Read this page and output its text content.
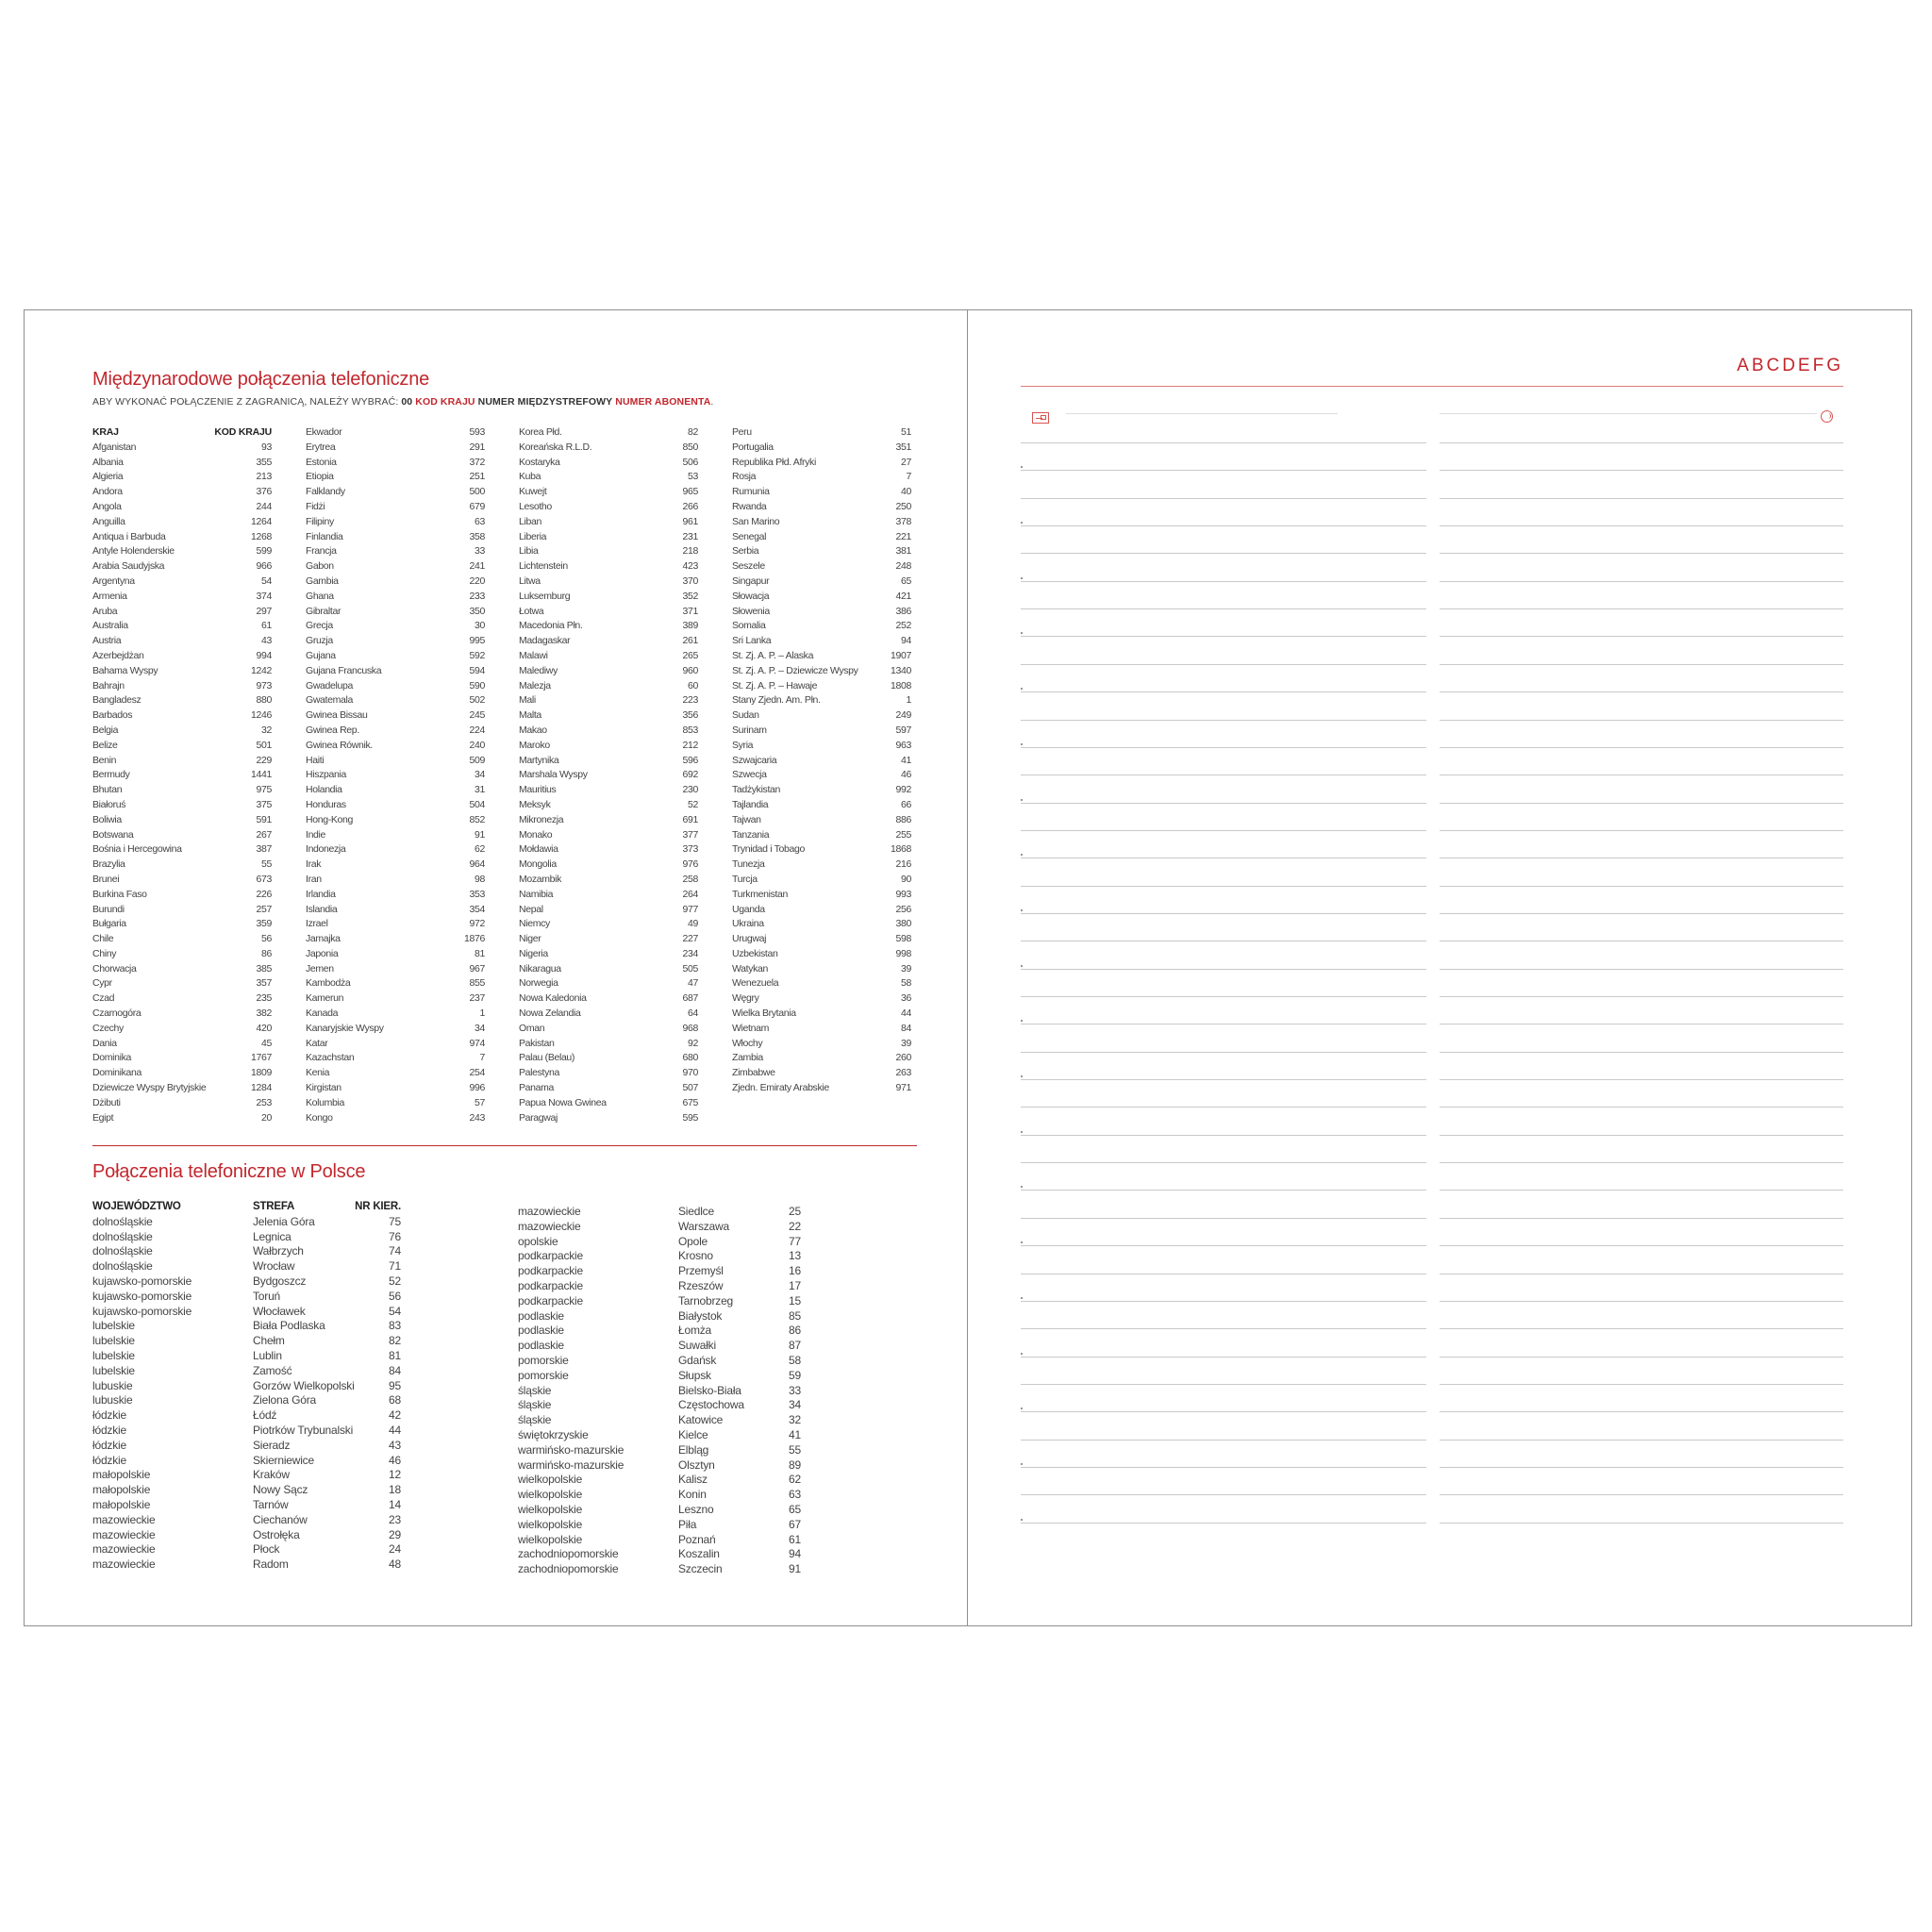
Międzynarodowe połączenia telefoniczne

ABY WYKONAĆ POŁĄCZENIE Z ZAGRANICĄ, NALEŻY WYBRAĆ: 00 KOD KRAJU NUMER MIĘDZYSTREFOWY NUMER ABONENTA.

KRAJ	KOD KRAJU
Afganistan	93
Albania	355
Algieria	213
Andora	376
Angola	244
Anguilla	1264
Antiqua i Barbuda	1268
Antyle Holenderskie	599
Arabia Saudyjska	966
Argentyna	54
Armenia	374
Aruba	297
Australia	61
Austria	43
Azerbejdżan	994
Bahama Wyspy	1242
Bahrajn	973
Bangladesz	880
Barbados	1246
Belgia	32
Belize	501
Benin	229
Bermudy	1441
Bhutan	975
Białoruś	375
Boliwia	591
Botswana	267
Bośnia i Hercegowina	387
Brazylia	55
Brunei	673
Burkina Faso	226
Burundi	257
Bułgaria	359
Chile	56
Chiny	86
Chorwacja	385
Cypr	357
Czad	235
Czarnogóra	382
Czechy	420
Dania	45
Dominika	1767
Dominikana	1809
Dziewicze Wyspy Brytyjskie	1284
Dżibuti	253
Egipt	20
Ekwador	593
Erytrea	291
Estonia	372
Etiopia	251
Falklandy	500
Fidżi	679
Filipiny	63
Finlandia	358
Francja	33
Gabon	241
Gambia	220
Ghana	233
Gibraltar	350
Grecja	30
Gruzja	995
Gujana	592
Gujana Francuska	594
Gwadelupa	590
Gwatemala	502
Gwinea Bissau	245
Gwinea Rep.	224
Gwinea Równik.	240
Haiti	509
Hiszpania	34
Holandia	31
Honduras	504
Hong-Kong	852
Indie	91
Indonezja	62
Irak	964
Iran	98
Irlandia	353
Islandia	354
Izrael	972
Jamajka	1876
Japonia	81
Jemen	967
Kambodża	855
Kamerun	237
Kanada	1
Kanaryjskie Wyspy	34
Katar	974
Kazachstan	7
Kenia	254
Kirgistan	996
Kolumbia	57
Kongo	243
Korea Płd.	82
Koreańska R.L.D.	850
Kostaryka	506
Kuba	53
Kuwejt	965
Lesotho	266
Liban	961
Liberia	231
Libia	218
Lichtenstein	423
Litwa	370
Luksemburg	352
Łotwa	371
Macedonia Płn.	389
Madagaskar	261
Malawi	265
Malediwy	960
Malezja	60
Mali	223
Malta	356
Makao	853
Maroko	212
Martynika	596
Marshala Wyspy	692
Mauritius	230
Meksyk	52
Mikronezja	691
Monako	377
Mołdawia	373
Mongolia	976
Mozambik	258
Namibia	264
Nepal	977
Niemcy	49
Niger	227
Nigeria	234
Nikaragua	505
Norwegia	47
Nowa Kaledonia	687
Nowa Zelandia	64
Oman	968
Pakistan	92
Palau (Belau)	680
Palestyna	970
Panama	507
Papua Nowa Gwinea	675
Paragwaj	595
Peru	51
Portugalia	351
Republika Płd. Afryki	27
Rosja	7
Rumunia	40
Rwanda	250
San Marino	378
Senegal	221
Serbia	381
Seszele	248
Singapur	65
Słowacja	421
Słowenia	386
Somalia	252
Sri Lanka	94
St. Zj. A. P. – Alaska	1907
St. Zj. A. P. – Dziewicze Wyspy	1340
St. Zj. A. P. – Hawaje	1808
Stany Zjedn. Am. Płn.	1
Sudan	249
Surinam	597
Syria	963
Szwajcaria	41
Szwecja	46
Tadżykistan	992
Tajlandia	66
Tajwan	886
Tanzania	255
Trynidad i Tobago	1868
Tunezja	216
Turcja	90
Turkmenistan	993
Uganda	256
Ukraina	380
Urugwaj	598
Uzbekistan	998
Watykan	39
Wenezuela	58
Węgry	36
Wielka Brytania	44
Wietnam	84
Włochy	39
Zambia	260
Zimbabwe	263
Zjedn. Emiraty Arabskie	971
Połączenia telefoniczne w Polsce
WOJEWÓDZTWO	STREFA	NR KIER.
dolnośląskie	Jelenia Góra	75
dolnośląskie	Legnica	76
dolnośląskie	Wałbrzych	74
dolnośląskie	Wrocław	71
kujawsko-pomorskie	Bydgoszcz	52
kujawsko-pomorskie	Toruń	56
kujawsko-pomorskie	Włocławek	54
lubelskie	Biała Podlaska	83
lubelskie	Chełm	82
lubelskie	Lublin	81
lubelskie	Zamość	84
lubuskie	Gorzów Wielkopolski	95
lubuskie	Zielona Góra	68
łódzkie	Łódź	42
łódzkie	Piotrków Trybunalski	44
łódzkie	Sieradz	43
łódzkie	Skierniewice	46
małopolskie	Kraków	12
małopolskie	Nowy Sącz	18
małopolskie	Tarnów	14
mazowieckie	Ciechanów	23
mazowieckie	Ostrołęka	29
mazowieckie	Płock	24
mazowieckie	Radom	48
mazowieckie	Siedlce	25
mazowieckie	Warszawa	22
opolskie	Opole	77
podkarpackie	Krosno	13
podkarpackie	Przemyśl	16
podkarpackie	Rzeszów	17
podkarpackie	Tarnobrzeg	15
podlaskie	Białystok	85
podlaskie	Łomża	86
podlaskie	Suwałki	87
pomorskie	Gdańsk	58
pomorskie	Słupsk	59
śląskie	Bielsko-Biała	33
śląskie	Częstochowa	34
śląskie	Katowice	32
świętokrzyskie	Kielce	41
warmińsko-mazurskie	Elbląg	55
warmińsko-mazurskie	Olsztyn	89
wielkopolskie	Kalisz	62
wielkopolskie	Konin	63
wielkopolskie	Leszno	65
wielkopolskie	Piła	67
wielkopolskie	Poznań	61
zachodniopomorskie	Koszalin	94
zachodniopomorskie	Szczecin	91
ABCDEFG
